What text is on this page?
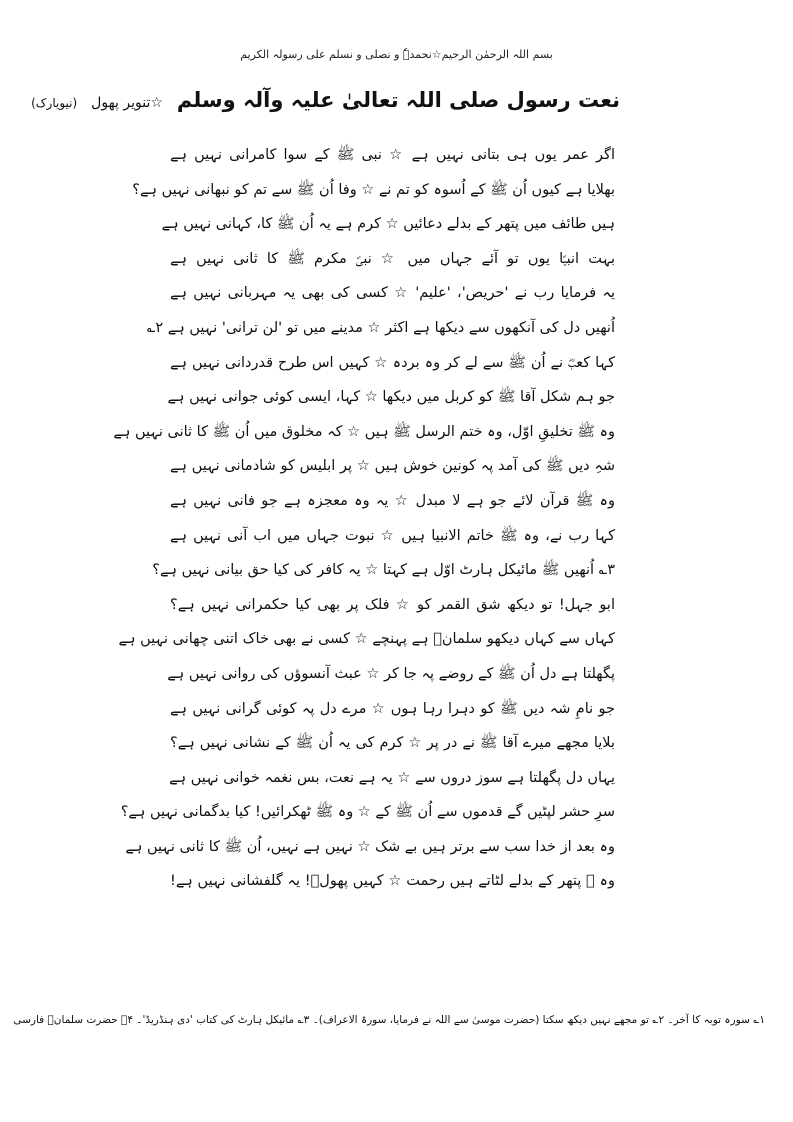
بسم اللہ الرحمٰن الرحیم☆نحمدہٗ و نصلی و نسلم علی رسولہ الکریم
نعت رسول صلی اللہ تعالیٰ علیہ وآلہ وسلم
☆تنویر پھول
(نیویارک)
اگر عمر یوں ہی بتانی نہیں ہے ☆ نبی ﷺ کے سوا کامرانی نہیں ہے
بھلایا ہے کیوں اُن ﷺ کے اُسوہ کو تم نے ☆ وفا اُن ﷺ سے تم کو نبھانی نہیں ہے؟
ہیں طائف میں پتھر کے بدلے دعائیں ☆ کرم ہے یہ اُن ﷺ کا، کہانی نہیں ہے
بہت انبیؑا یوں تو آئے جہاں میں ☆ نبیؐ مکرم ﷺ کا ثانی نہیں ہے
یہ فرمایا رب نے 'حریص'، 'علیم' ☆ کسی کی بھی یہ مہربانی نہیں ہے
اُنھیں دل کی آنکھوں سے دیکھا ہے اکثر ☆ مدینے میں تو 'لن ترانی' نہیں ہے ۲؎
کہا کعبؓ نے اُن ﷺ سے لے کر وہ بردہ ☆ کہیں اس طرح قدردانی نہیں ہے
جو ہم شکل آقا ﷺ کو کربل میں دیکھا ☆ کہا، ایسی کوئی جوانی نہیں ہے
وہ ﷺ تخلیقِ اوّل، وہ ختم الرسل ﷺ ہیں ☆ کہ مخلوق میں اُن ﷺ کا ثانی نہیں ہے
شہِ دیں ﷺ کی آمد پہ کونین خوش ہیں ☆ پر ابلیس کو شادمانی نہیں ہے
وہ ﷺ قرآن لائے جو ہے لا مبدل ☆ یہ وہ معجزہ ہے جو فانی نہیں ہے
کہا رب نے، وہ ﷺ خاتم الانبیا ہیں ☆ نبوت جہاں میں اب آنی نہیں ہے
۳؎ اُنھیں ﷺ مائیکل ہارٹ اوّل ہے کہتا ☆ یہ کافر کی کیا حق بیانی نہیں ہے؟
ابو جہل! تو دیکھ شق القمر کو ☆ فلک پر بھی کیا حکمرانی نہیں ہے؟
کہاں سے کہاں دیکھو سلمانؓ ہے پہنچے ☆ کسی نے بھی خاک اتنی چھانی نہیں ہے
پگھلتا ہے دل اُن ﷺ کے روضے پہ جا کر ☆ عبث آنسوؤں کی روانی نہیں ہے
جو نامِ شہ دیں ﷺ کو دہرا رہا ہوں ☆ مرے دل پہ کوئی گرانی نہیں ہے
بلایا مجھے میرے آقا ﷺ نے در پر ☆ کرم کی یہ اُن ﷺ کے نشانی نہیں ہے؟
یہاں دل پگھلتا ہے سوز دروں سے ☆ یہ ہے نعت، بس نغمہ خوانی نہیں ہے
سرِ حشر لپٹیں گے قدموں سے اُن ﷺ کے ☆ وہ ﷺ ٹھکرائیں! کیا بدگمانی نہیں ہے؟
وہ بعد از خدا سب سے برتر ہیں بے شک ☆ نہیں ہے نہیں، اُن ﷺ کا ثانی نہیں ہے
وہ ﷺ پتھر کے بدلے لٹاتے ہیں رحمت ☆ کہیں پھولؔ! یہ گلفشانی نہیں ہے!
۱؎ سورہ توبہ کا آخر۔ ۲؎ تو مجھے نہیں دیکھ سکتا (حضرت موسیٰ سے اللہ نے فرمایا، سورۃ الاعراف)۔ ۳؎ مائیکل ہارٹ کی کتاب 'دی ہنڈریڈ'۔ ۴؎ حضرت سلمانؓ فارسی
